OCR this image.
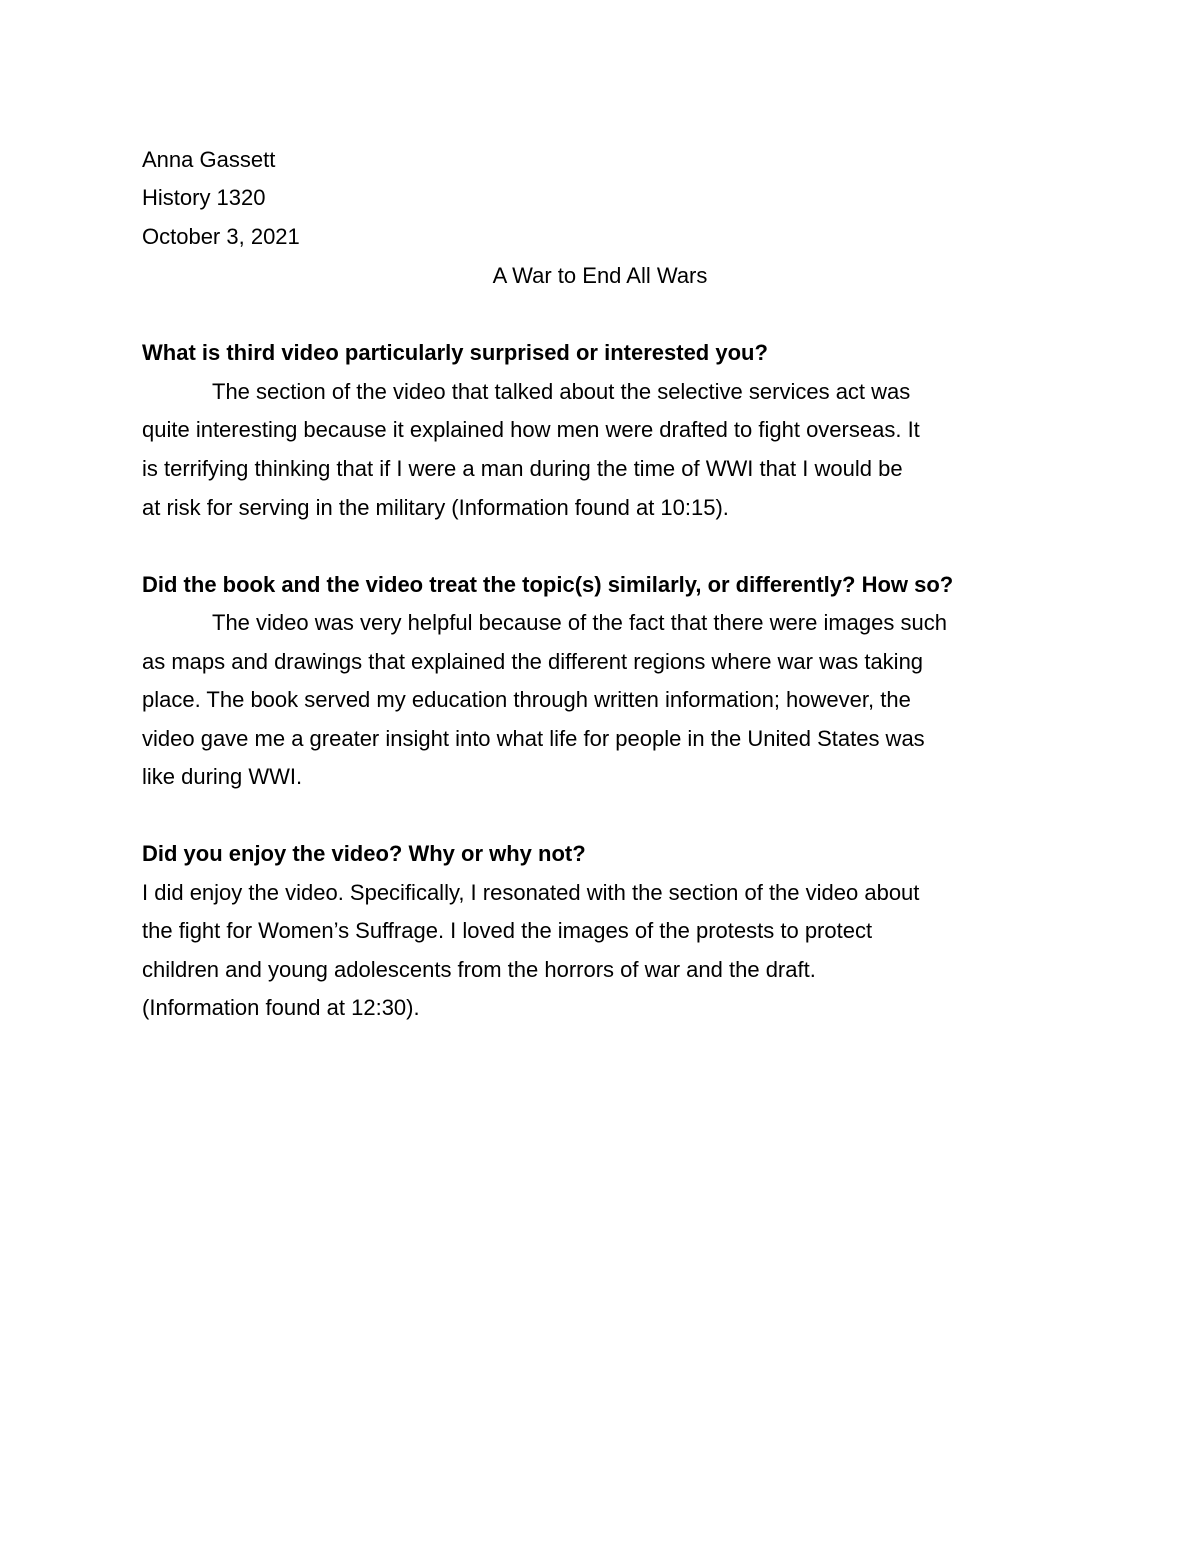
Anna Gassett
History 1320
October 3, 2021
A War to End All Wars
What is third video particularly surprised or interested you?
The section of the video that talked about the selective services act was
quite interesting because it explained how men were drafted to fight overseas. It
is terrifying thinking that if I were a man during the time of WWI that I would be
at risk for serving in the military (Information found at 10:15).
Did the book and the video treat the topic(s) similarly, or differently? How so?
The video was very helpful because of the fact that there were images such
as maps and drawings that explained the different regions where war was taking
place. The book served my education through written information; however, the
video gave me a greater insight into what life for people in the United States was
like during WWI.
Did you enjoy the video? Why or why not?
I did enjoy the video. Specifically, I resonated with the section of the video about
the fight for Women’s Suffrage. I loved the images of the protests to protect
children and young adolescents from the horrors of war and the draft.
(Information found at 12:30).
